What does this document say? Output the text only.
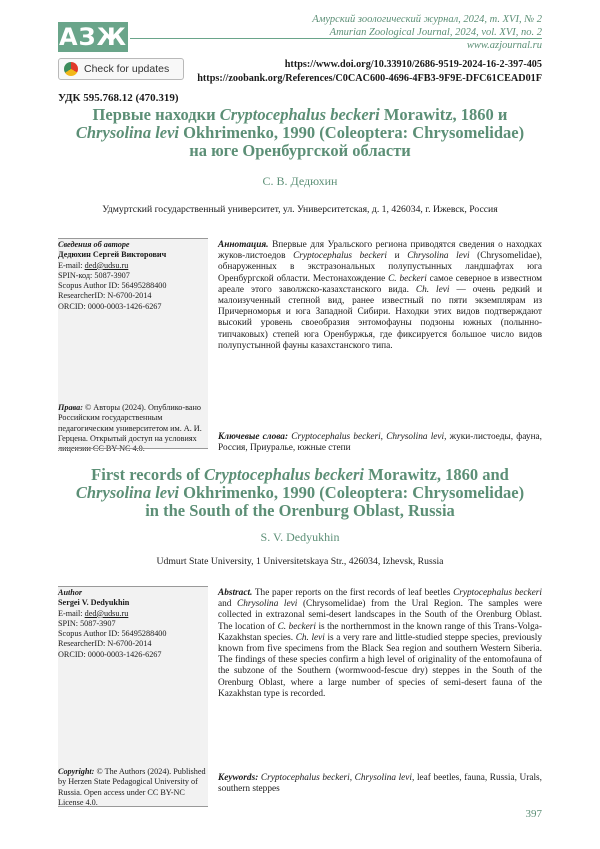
АЗЖ
Амурский зоологический журнал, 2024, т. XVI, № 2
Amurian Zoological Journal, 2024, vol. XVI, no. 2
www.azjournal.ru
Check for updates	https://www.doi.org/10.33910/2686-9519-2024-16-2-397-405
https://zoobank.org/References/C0CAC600-4696-4FB3-9F9E-DFC61CEAD01F
УДК 595.768.12 (470.319)
Первые находки Cryptocephalus beckeri Morawitz, 1860 и
Chrysolina levi Okhrimenko, 1990 (Coleoptera: Chrysomelidae)
на юге Оренбургской области
С. В. Дедюхин
Удмуртский государственный университет, ул. Университетская, д. 1, 426034, г. Ижевск, Россия
Сведения об авторе
Дедюхин Сергей Викторович
E-mail: ded@udsu.ru
SPIN-код: 5087-3907
Scopus Author ID: 56495288400
ResearcherID: N-6700-2014
ORCID: 0000-0003-1426-6267
Права: © Авторы (2024). Опублико-вано Российским государственным педагогическим университетом им. А. И. Герцена. Открытый доступ на условиях
Аннотация. Впервые для Уральского региона приводятся сведения о находках жуков-листоедов Cryptocephalus beckeri и Chrysolina levi (Chrysomelidae), обнаруженных в экстразональных полупустынных ландшафтах юга Оренбургской области. Местонахождение C. beckeri самое северное в известном ареале этого заволжско-казахстанского вида. Ch. levi — очень редкий и малоизученный степной вид, ранее известный по пяти экземплярам из Причерноморья и юга Западной Сибири. Находки этих видов подтверждают высокий уровень своеобразия энтомофауны подзоны южных (полынно-типчаковых) степей юга Оренбуржья, где фиксируется большое число видов полупустынной фауны казахстанского типа.
Ключевые слова: Cryptocephalus beckeri, Chrysolina levi, жуки-листоеды, фауна, Россия, Приуралье, южные степи
First records of Cryptocephalus beckeri Morawitz, 1860 and
Chrysolina levi Okhrimenko, 1990 (Coleoptera: Chrysomelidae)
in the South of the Orenburg Oblast, Russia
S. V. Dedyukhin
Udmurt State University, 1 Universitetskaya Str., 426034, Izhevsk, Russia
Author
Sergei V. Dedyukhin
E-mail: ded@udsu.ru
SPIN: 5087-3907
Scopus Author ID: 56495288400
ResearcherID: N-6700-2014
ORCID: 0000-0003-1426-6267
Copyright: © The Authors (2024). Published by Herzen State Pedagogical University of Russia. Open access under CC BY-NC License 4.0.
Abstract. The paper reports on the first records of leaf beetles Cryptocephalus beckeri and Chrysolina levi (Chrysomelidae) from the Ural Region. The samples were collected in extrazonal semi-desert landscapes in the South of the Orenburg Oblast. The location of C. beckeri is the northernmost in the known range of this Trans-Volga-Kazakhstan species. Ch. levi is a very rare and little-studied steppe species, previously known from five specimens from the Black Sea region and southern Western Siberia. The findings of these species confirm a high level of originality of the entomofauna of the subzone of the Southern (wormwood-fescue dry) steppes in the South of the Orenburg Oblast, where a large number of species of semi-desert fauna of the Kazakhstan type is recorded.
Keywords: Cryptocephalus beckeri, Chrysolina levi, leaf beetles, fauna, Russia, Urals, southern steppes
397
